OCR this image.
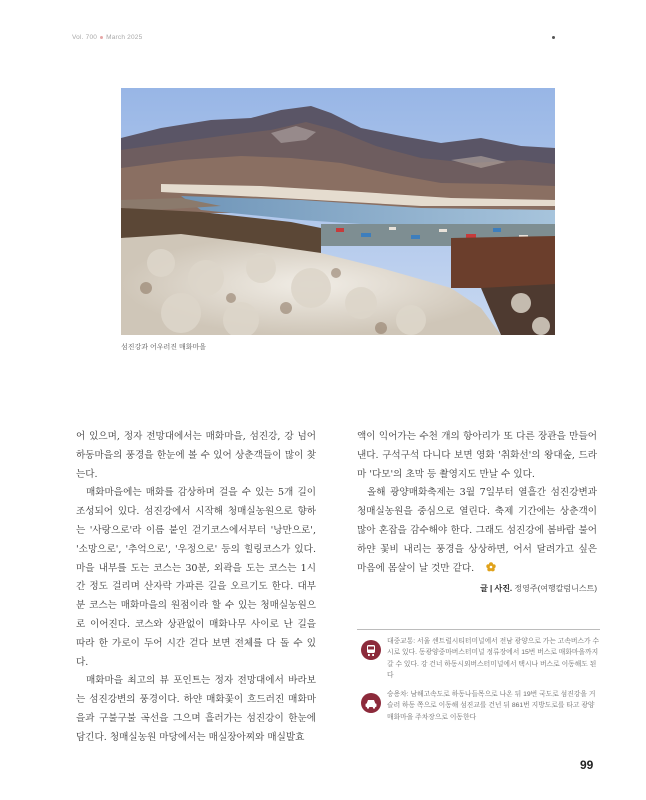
Vol. 700 March 2025
섬진강과 어우러진 매화마을

어 있으며, 정자 전망대에서는 매화마을, 섬진강, 강 넘어 하동마을의 풍경을 한눈에 볼 수 있어 상춘객들이 많이 찾는다.

매화마을에는 매화를 감상하며 걸을 수 있는 5개 길이 조성되어 있다. 섬진강에서 시작해 청매실농원으로 향하는 '사랑으로'라 이름 붙인 걷기코스에서부터 '낭만으로', '소망으로', '추억으로', '우정으로' 등의 힐링코스가 있다. 마을 내부를 도는 코스는 30분, 외곽을 도는 코스는 1시간 정도 걸리며 산자락 가파른 길을 오르기도 한다. 대부분 코스는 매화마을의 원점이라 할 수 있는 청매실농원으로 이어진다. 코스와 상관없이 매화나무 사이로 난 길을 따라 한 가로이 두어 시간 걷다 보면 전체를 다 돌 수 있다.

매화마을 최고의 뷰 포인트는 정자 전망대에서 바라보는 섬진강변의 풍경이다. 하얀 매화꽃이 흐드러진 매화마을과 구불구불 곡선을 그으며 흘러가는 섬진강이 한눈에 담긴다. 청매실농원 마당에서는 매실장아찌와 매실발효

액이 익어가는 수천 개의 항아리가 또 다른 장관을 만들어낸다. 구석구석 다니다 보면 영화 '취화선'의 왕대숲, 드라마 '다모'의 초막 등 촬영지도 만날 수 있다.

올해 광양매화축제는 3월 7일부터 열흘간 섬진강변과 청매실농원을 중심으로 열린다. 축제 기간에는 상춘객이 많아 혼잡을 감수해야 한다. 그래도 섬진강에 봄바람 불어 하얀 꽃비 내리는 풍경을 상상하면, 어서 달려가고 싶은 마음에 몸살이 날 것만 같다.

글 | 사진. 정영주(여행칼럼니스트)
대중교통: 서울 센트럴시티터미널에서 전남 광양으로 가는 고속버스가 수시로 있다. 동광양중마버스터미널 정류장에서 15번 버스로 매화마을까지 갈 수 있다. 강 건너 하동시외버스터미널에서 택시나 버스로 이동해도 된다
승용차: 남해고속도로 하동나들목으로 나온 뒤 19번 국도로 섬진강을 거슬러 하동 쪽으로 이동해 섬진교를 건넌 뒤 861번 지방도로를 타고 광양매화마을 주차장으로 이동한다
99
